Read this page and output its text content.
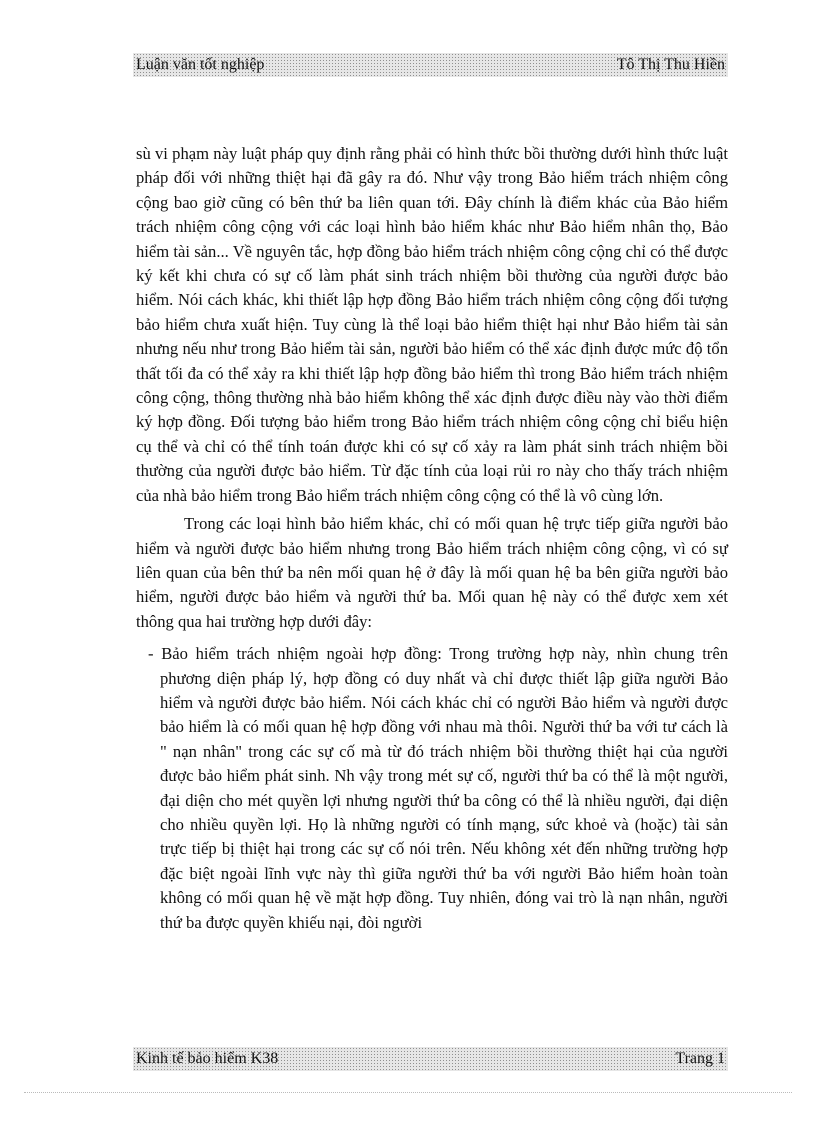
Luận văn tốt nghiệp	Tô Thị Thu Hiền

sù vi phạm này luật pháp quy định rằng phải có hình thức bồi thường dưới hình thức luật pháp đối với những thiệt hại đã gây ra đó. Như vậy trong Bảo hiểm trách nhiệm công cộng bao giờ cũng có bên thứ ba liên quan tới. Đây chính là điểm khác của Bảo hiểm trách nhiệm công cộng với các loại hình bảo hiểm khác như Bảo hiểm nhân thọ, Bảo hiểm tài sản... Về nguyên tắc, hợp đồng bảo hiểm trách nhiệm công cộng chỉ có thể được ký kết khi chưa có sự cố làm phát sinh trách nhiệm bồi thường của người được bảo hiểm. Nói cách khác, khi thiết lập hợp đồng Bảo hiểm trách nhiệm công cộng đối tượng bảo hiểm chưa xuất hiện. Tuy cùng là thể loại bảo hiểm thiệt hại như Bảo hiểm tài sản nhưng nếu như trong Bảo hiểm tài sản, người bảo hiểm có thể xác định được mức độ tổn thất tối đa có thể xảy ra khi thiết lập hợp đồng bảo hiểm thì trong Bảo hiểm trách nhiệm công cộng, thông thường nhà bảo hiểm không thể xác định được điều này vào thời điểm ký hợp đồng. Đối tượng bảo hiểm trong Bảo hiểm trách nhiệm công cộng chỉ biểu hiện cụ thể và chỉ có thể tính toán được khi có sự cố xảy ra làm phát sinh trách nhiệm bồi thường của người được bảo hiểm. Từ đặc tính của loại rủi ro này cho thấy trách nhiệm của nhà bảo hiểm trong Bảo hiểm trách nhiệm công cộng có thể là vô cùng lớn.

Trong các loại hình bảo hiểm khác, chỉ có mối quan hệ trực tiếp giữa người bảo hiểm và người được bảo hiểm nhưng trong Bảo hiểm trách nhiệm công cộng, vì có sự liên quan của bên thứ ba nên mối quan hệ ở đây là mối quan hệ ba bên giữa người bảo hiểm, người được bảo hiểm và người thứ ba. Mối quan hệ này có thể được xem xét thông qua hai trường hợp dưới đây:

- Bảo hiểm trách nhiệm ngoài hợp đồng: Trong trường hợp này, nhìn chung trên phương diện pháp lý, hợp đồng có duy nhất và chỉ được thiết lập giữa người Bảo hiểm và người được bảo hiểm. Nói cách khác chỉ có người Bảo hiểm và người được bảo hiểm là có mối quan hệ hợp đồng với nhau mà thôi. Người thứ ba với tư cách là " nạn nhân" trong các sự cố mà từ đó trách nhiệm bồi thường thiệt hại của người được bảo hiểm phát sinh. Nh vậy trong mét sự cố, người thứ ba có thể là một người, đại diện cho mét quyền lợi nhưng người thứ ba công có thể là nhiều người, đại diện cho nhiều quyền lợi. Họ là những người có tính mạng, sức khoẻ và (hoặc) tài sản trực tiếp bị thiệt hại trong các sự cố nói trên. Nếu không xét đến những trường hợp đặc biệt ngoài lĩnh vực này thì giữa người thứ ba với người Bảo hiểm hoàn toàn không có mối quan hệ về mặt hợp đồng. Tuy nhiên, đóng vai trò là nạn nhân, người thứ ba được quyền khiếu nại, đòi người

Kinh tế bảo hiểm K38	Trang 1
